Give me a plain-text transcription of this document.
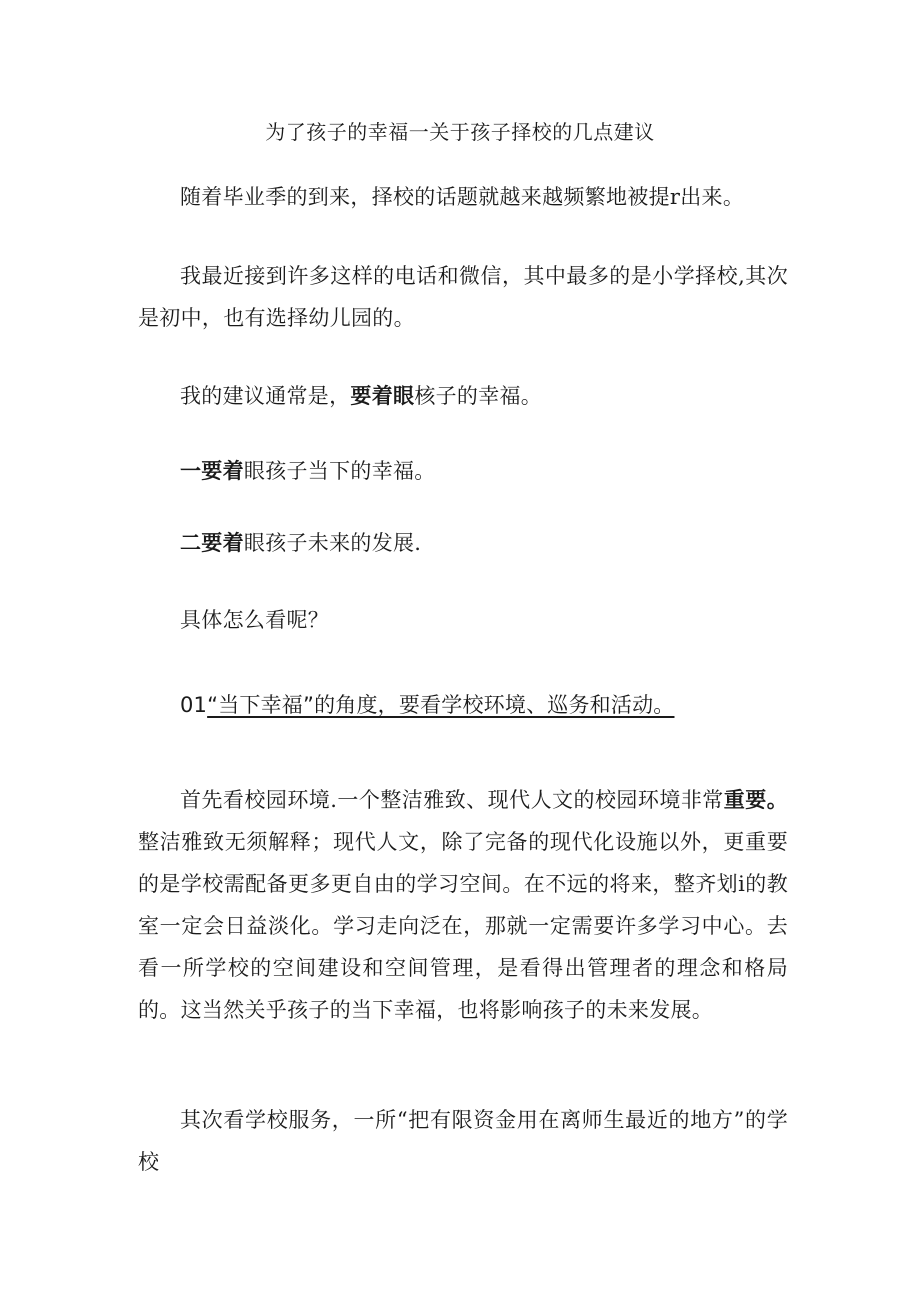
为了孩子的幸福一关于孩子择校的几点建议
随着毕业季的到来，择校的话题就越来越频繁地被提r出来。
我最近接到许多这样的电话和微信，其中最多的是小学择校,其次是初中，也有选择幼儿园的。
我的建议通常是，要着眼核子的幸福。
一要着眼孩子当下的幸福。
二要着眼孩子未来的发展.
具体怎么看呢？
01“当下幸福”的角度，要看学校环境、巡务和活动。
首先看校园环境.一个整洁雅致、现代人文的校园环境非常重要。整洁雅致无须解释；现代人文，除了完备的现代化设施以外，更重要的是学校需配备更多更自由的学习空间。在不远的将来，整齐划i的教室一定会日益淡化。学习走向泛在，那就一定需要许多学习中心。去看一所学校的空间建设和空间管理，是看得出管理者的理念和格局的。这当然关乎孩子的当下幸福，也将影响孩子的未来发展。
其次看学校服务，一所“把有限资金用在离师生最近的地方”的学校
